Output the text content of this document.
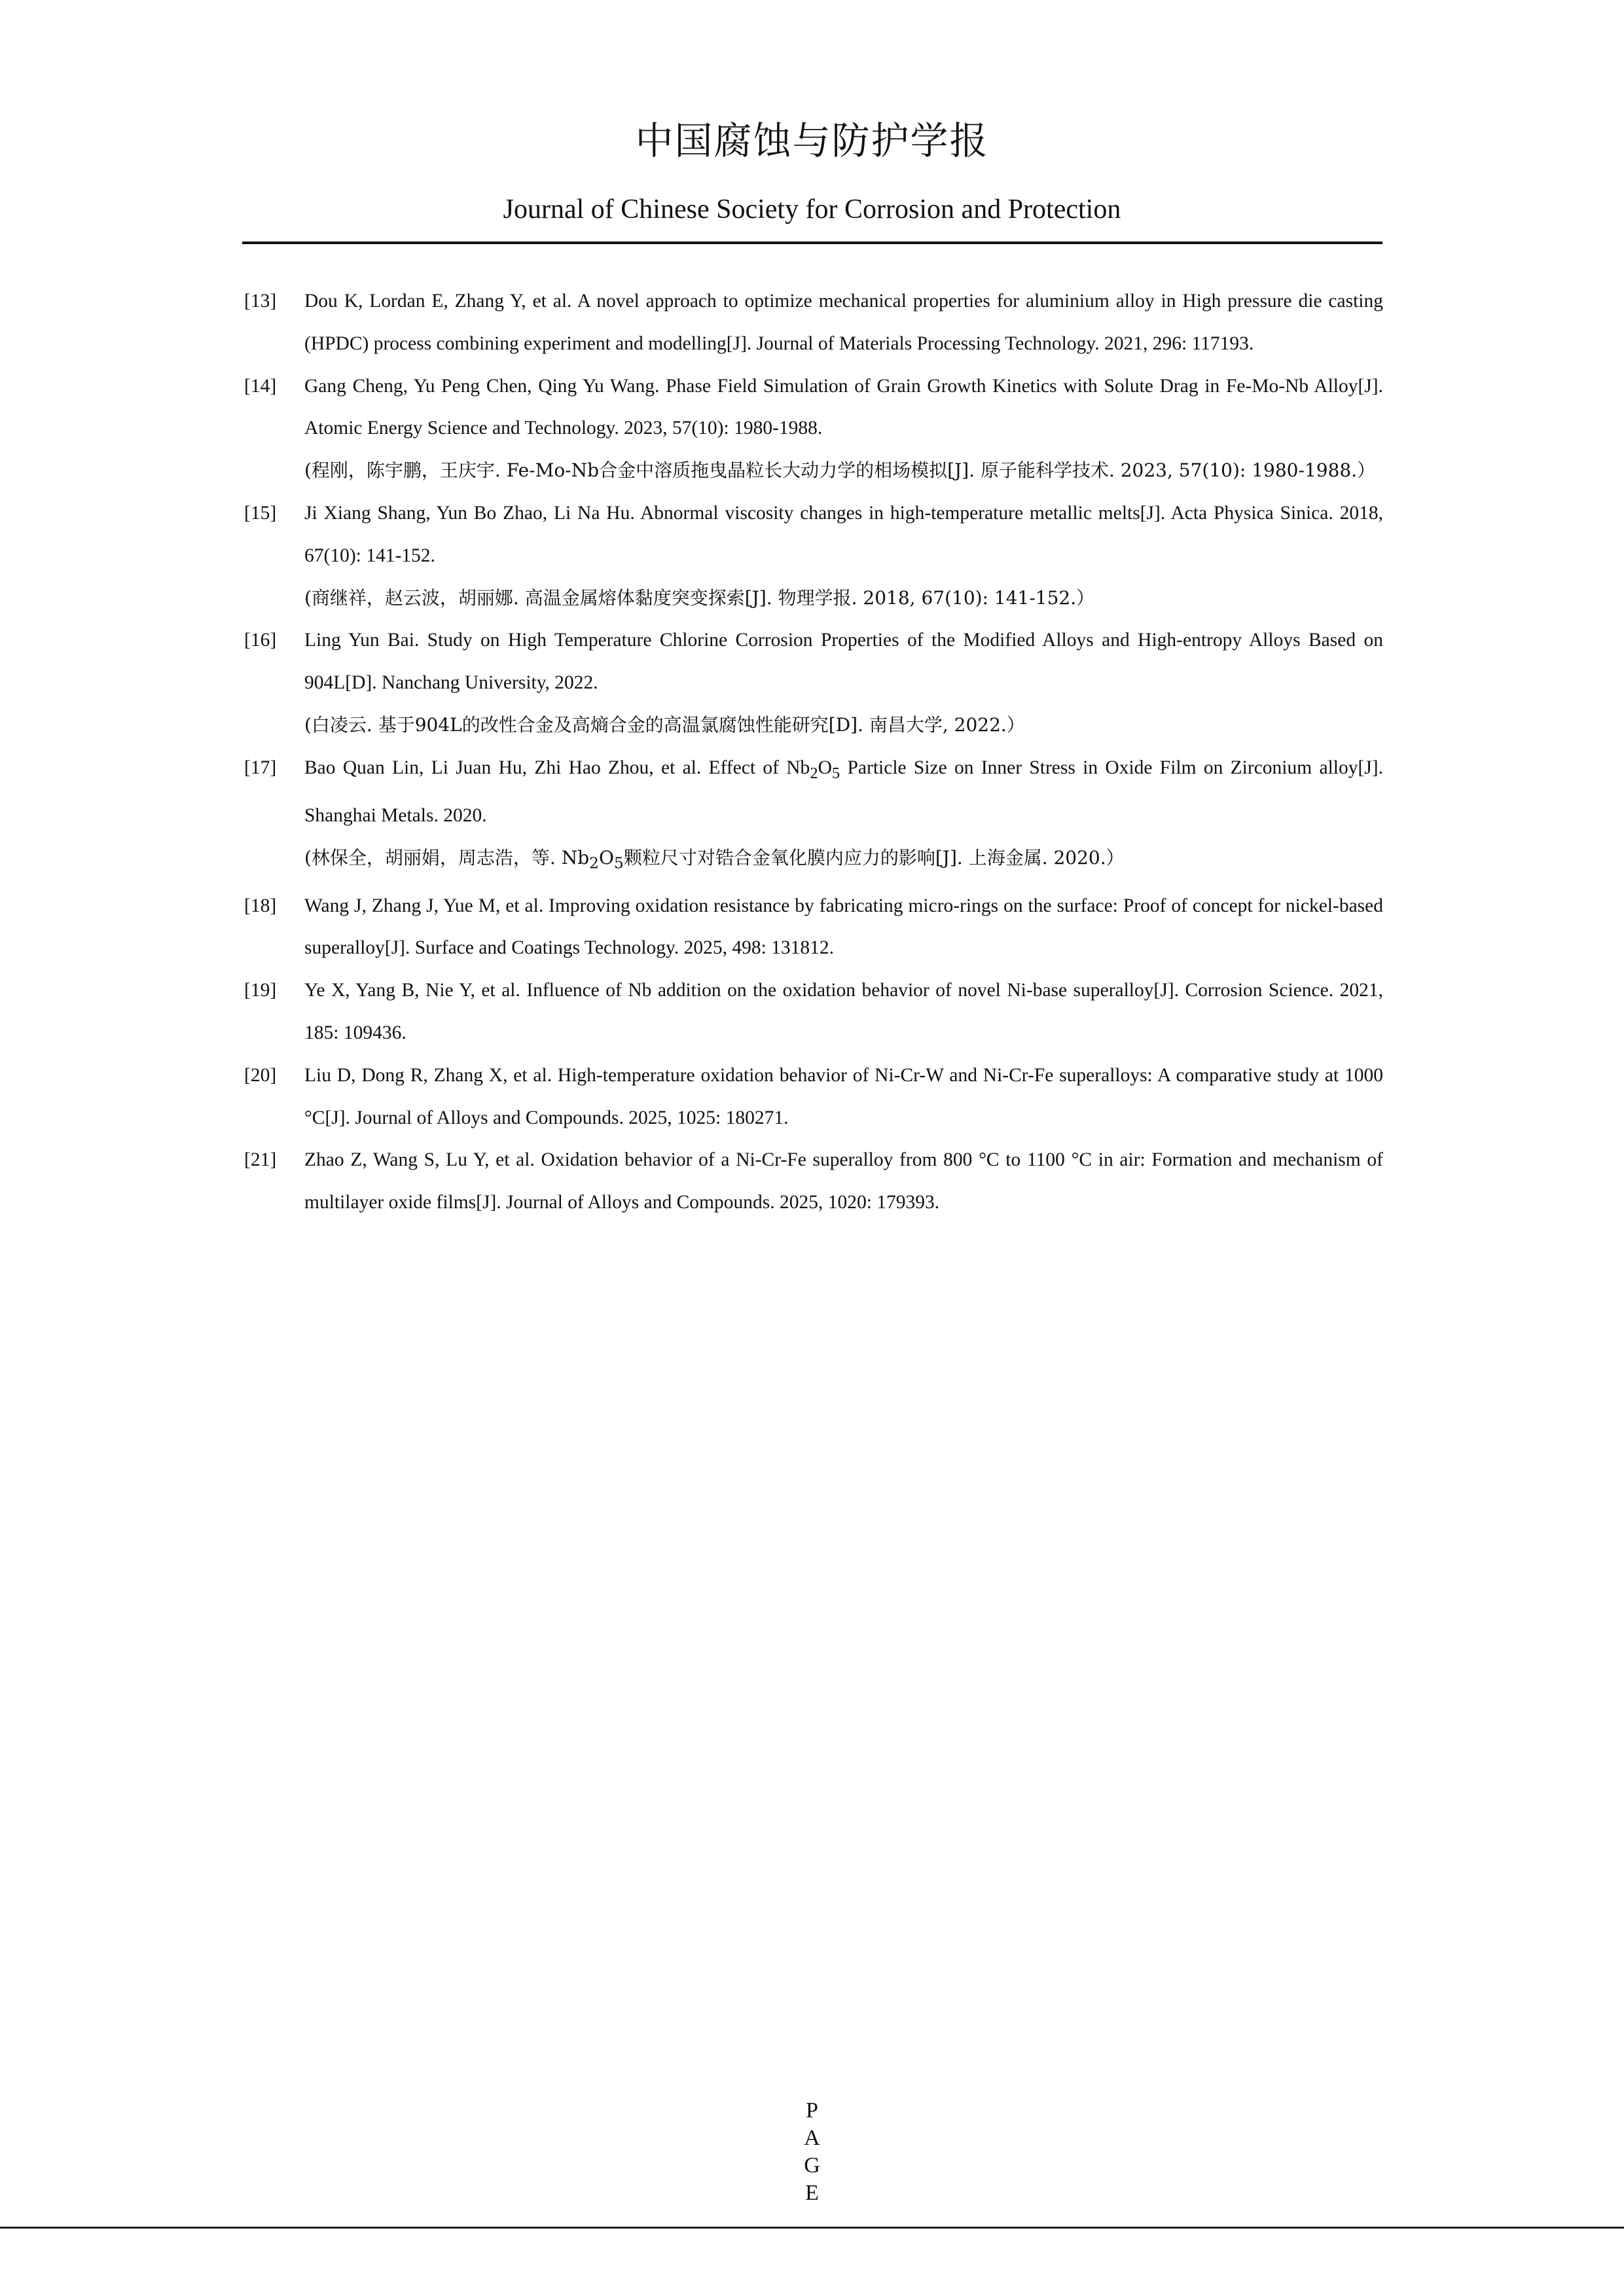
中国腐蚀与防护学报
Journal of Chinese Society for Corrosion and Protection
[13] Dou K, Lordan E, Zhang Y, et al. A novel approach to optimize mechanical properties for aluminium alloy in High pressure die casting (HPDC) process combining experiment and modelling[J]. Journal of Materials Processing Technology. 2021, 296: 117193.
[14] Gang Cheng, Yu Peng Chen, Qing Yu Wang. Phase Field Simulation of Grain Growth Kinetics with Solute Drag in Fe-Mo-Nb Alloy[J]. Atomic Energy Science and Technology. 2023, 57(10): 1980-1988.
(程刚，陈宇鹏，王庆宇. Fe-Mo-Nb合金中溶质拖曳晶粒长大动力学的相场模拟[J]. 原子能科学技术. 2023, 57(10): 1980-1988.）
[15] Ji Xiang Shang, Yun Bo Zhao, Li Na Hu. Abnormal viscosity changes in high-temperature metallic melts[J]. Acta Physica Sinica. 2018, 67(10): 141-152.
(商继祥，赵云波，胡丽娜. 高温金属熔体黏度突变探索[J]. 物理学报. 2018, 67(10): 141-152.）
[16] Ling Yun Bai. Study on High Temperature Chlorine Corrosion Properties of the Modified Alloys and High-entropy Alloys Based on 904L[D]. Nanchang University, 2022.
(白凌云. 基于904L的改性合金及高熵合金的高温氯腐蚀性能研究[D]. 南昌大学, 2022.）
[17] Bao Quan Lin, Li Juan Hu, Zhi Hao Zhou, et al. Effect of $Nb_2O_5$ Particle Size on Inner Stress in Oxide Film on Zirconium alloy[J]. Shanghai Metals. 2020.
(林保全，胡丽娟，周志浩，等. $Nb_2O_5$颗粒尺寸对锆合金氧化膜内应力的影响[J]. 上海金属. 2020.）
[18] Wang J, Zhang J, Yue M, et al. Improving oxidation resistance by fabricating micro-rings on the surface: Proof of concept for nickel-based superalloy[J]. Surface and Coatings Technology. 2025, 498: 131812.
[19] Ye X, Yang B, Nie Y, et al. Influence of Nb addition on the oxidation behavior of novel Ni-base superalloy[J]. Corrosion Science. 2021, 185: 109436.
[20] Liu D, Dong R, Zhang X, et al. High-temperature oxidation behavior of Ni-Cr-W and Ni-Cr-Fe superalloys: A comparative study at 1000 °C[J]. Journal of Alloys and Compounds. 2025, 1025: 180271.
[21] Zhao Z, Wang S, Lu Y, et al. Oxidation behavior of a Ni-Cr-Fe superalloy from 800 °C to 1100 °C in air: Formation and mechanism of multilayer oxide films[J]. Journal of Alloys and Compounds. 2025, 1020: 179393.
P
A
G
E
